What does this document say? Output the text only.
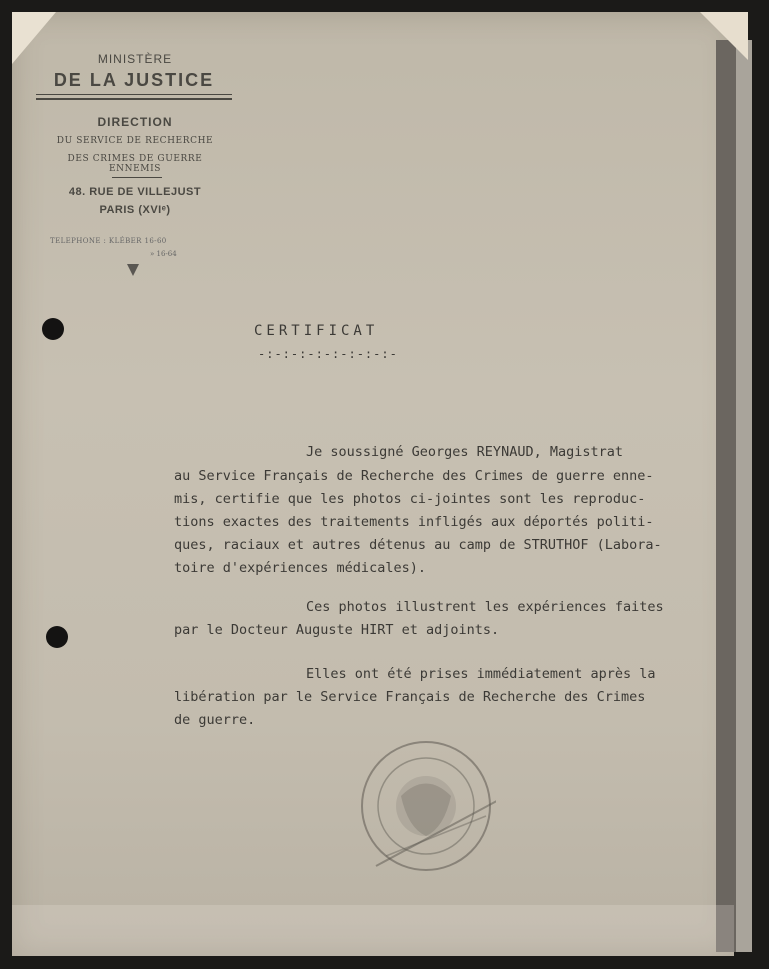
MINISTÈRE
DE LA JUSTICE
DIRECTION
DU SERVICE DE RECHERCHE
DES CRIMES DE GUERRE ENNEMIS
48. RUE DE VILLEJUST
PARIS (XVIᵉ)
TELEPHONE : KLÉBER 16-60
» 16-64
CERTIFICAT
-:-:-:-:-:-:-:-:-
Je soussigné Georges REYNAUD, Magistrat
au Service Français de Recherche des Crimes de guerre enne-
mis, certifie que les photos ci-jointes sont les reproduc-
tions exactes des traitements infligés aux déportés politi-
ques, raciaux et autres détenus au camp de STRUTHOF (Labora-
toire d'expériences médicales).
Ces photos illustrent les expériences faites
par le Docteur Auguste HIRT et adjoints.
Elles ont été prises immédiatement après la
libération par le Service Français de Recherche des Crimes
de guerre.
